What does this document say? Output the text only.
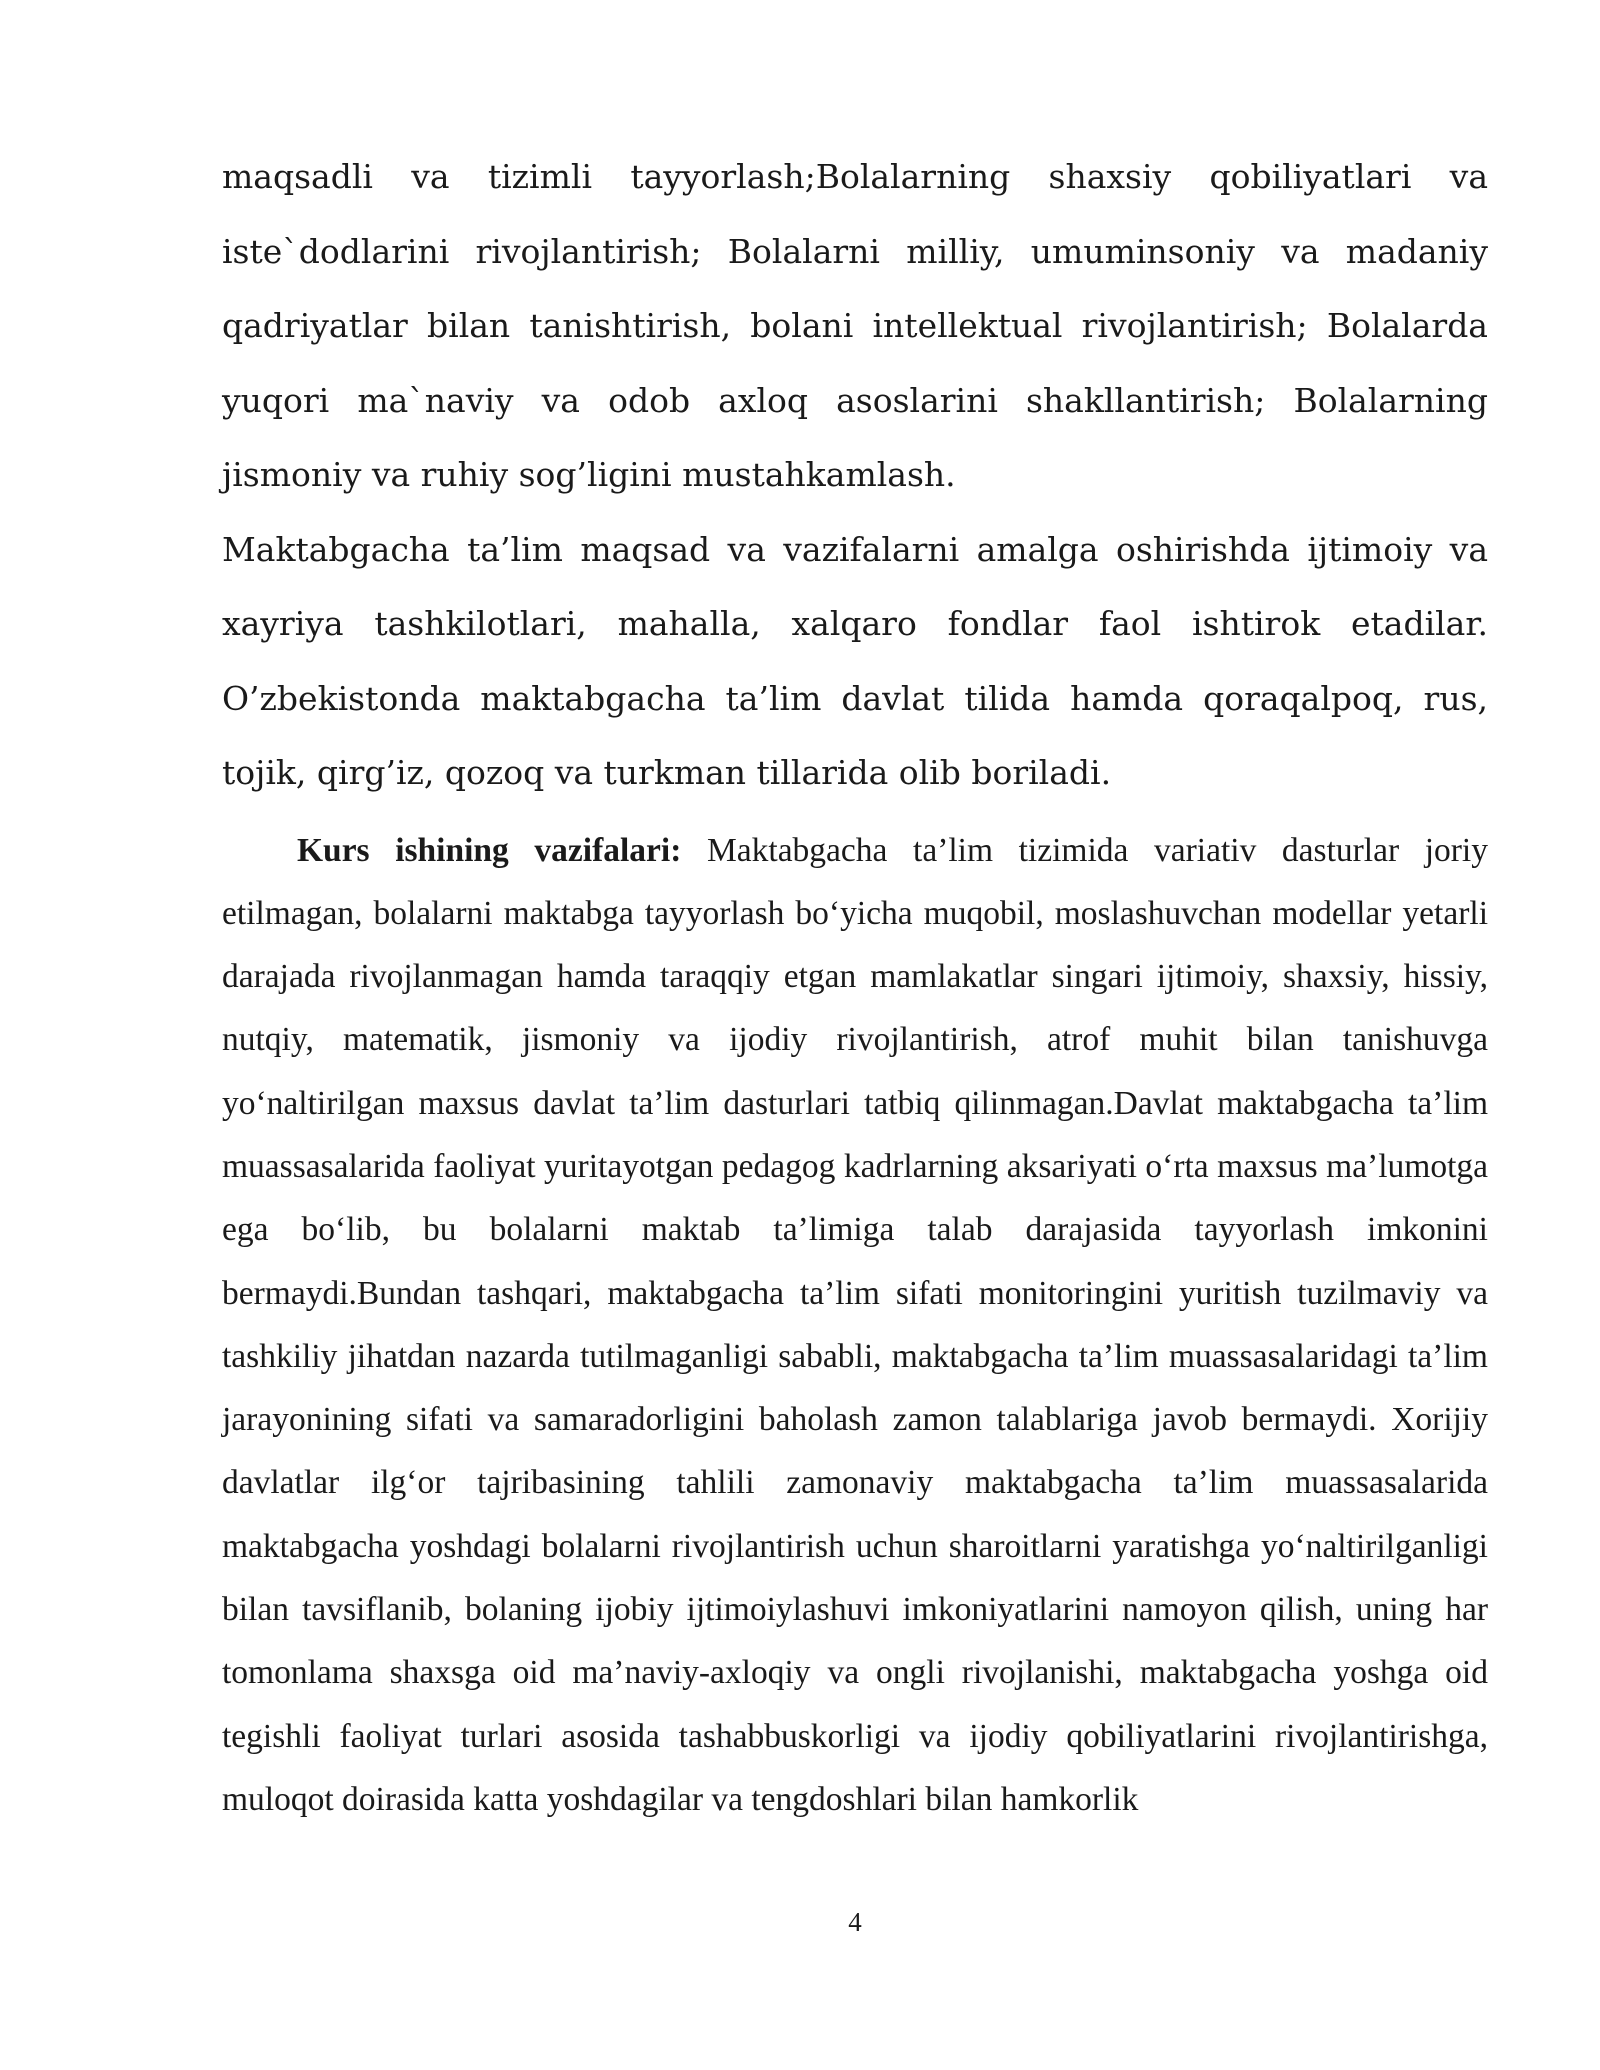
maqsadli va tizimli tayyorlash;Bolalarning shaxsiy qobiliyatlari va iste`dodlarini rivojlantirish; Bolalarni milliy, umuminsoniy va madaniy qadriyatlar bilan tanishtirish, bolani intellektual rivojlantirish; Bolalarda yuqori ma`naviy va odob axloq asoslarini shakllantirish; Bolalarning jismoniy va ruhiy sog’ligini mustahkamlash.

Maktabgacha ta’lim maqsad va vazifalarni amalga oshirishda ijtimoiy va xayriya tashkilotlari, mahalla, xalqaro fondlar faol ishtirok etadilar. O’zbekistonda maktabgacha ta’lim davlat tilida hamda qoraqalpoq, rus, tojik, qirg’iz, qozoq va turkman tillarida olib boriladi.

Kurs ishining vazifalari: Maktabgacha ta’lim tizimida variativ dasturlar joriy etilmagan, bolalarni maktabga tayyorlash bo‘yicha muqobil, moslashuvchan modellar yetarli darajada rivojlanmagan hamda taraqqiy etgan mamlakatlar singari ijtimoiy, shaxsiy, hissiy, nutqiy, matematik, jismoniy va ijodiy rivojlantirish, atrof muhit bilan tanishuvga yo‘naltirilgan maxsus davlat ta’lim dasturlari tatbiq qilinmagan.Davlat maktabgacha ta’lim muassasalarida faoliyat yuritayotgan pedagog kadrlarning aksariyati o‘rta maxsus ma’lumotga ega bo‘lib, bu bolalarni maktab ta’limiga talab darajasida tayyorlash imkonini bermaydi.Bundan tashqari, maktabgacha ta’lim sifati monitoringini yuritish tuzilmaviy va tashkiliy jihatdan nazarda tutilmaganligi sababli, maktabgacha ta’lim muassasalaridagi ta’lim jarayonining sifati va samaradorligini baholash zamon talablariga javob bermaydi. Xorijiy davlatlar ilg‘or tajribasining tahlili zamonaviy maktabgacha ta’lim muassasalarida maktabgacha yoshdagi bolalarni rivojlantirish uchun sharoitlarni yaratishga yo‘naltirilganligi bilan tavsiflanib, bolaning ijobiy ijtimoiylashuvi imkoniyatlarini namoyon qilish, uning har tomonlama shaxsga oid ma’naviy-axloqiy va ongli rivojlanishi, maktabgacha yoshga oid tegishli faoliyat turlari asosida tashabbuskorligi va ijodiy qobiliyatlarini rivojlantirishga, muloqot doirasida katta yoshdagilar va tengdoshlari bilan hamkorlik

4
